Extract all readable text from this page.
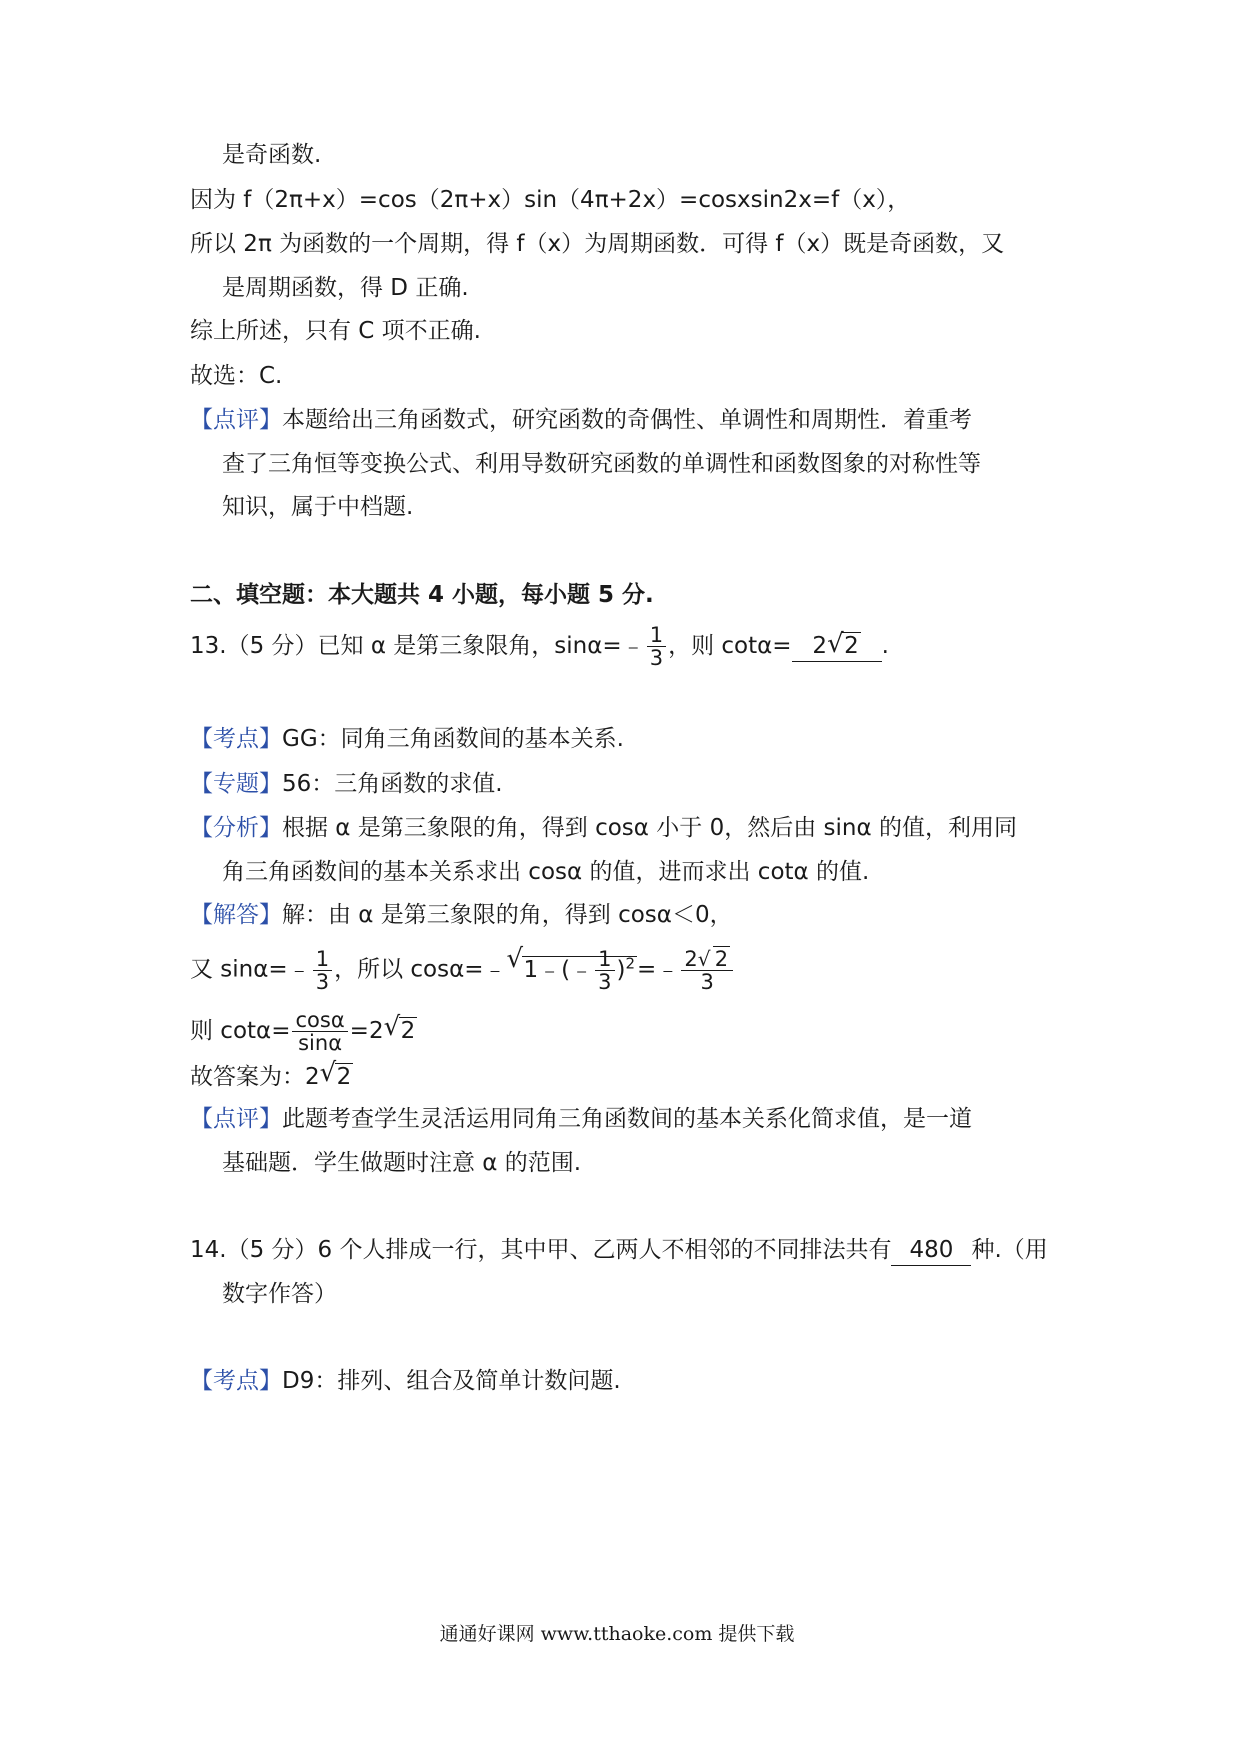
是奇函数.
因为 f（2π+x）=cos（2π+x）sin（4π+2x）=cosxsin2x=f（x），
所以 2π 为函数的一个周期，得 f（x）为周期函数．可得 f（x）既是奇函数，又
是周期函数，得 D 正确.
综上所述，只有 C 项不正确.
故选：C.
【点评】本题给出三角函数式，研究函数的奇偶性、单调性和周期性．着重考
查了三角恒等变换公式、利用导数研究函数的单调性和函数图象的对称性等
知识，属于中档题.
二、填空题：本大题共 4 小题，每小题 5 分.
13.（5 分）已知 α 是第三象限角，sinα=﹣ $\frac{1}{3}$ ，则 cotα= 2 √ 2 .
【考点】GG：同角三角函数间的基本关系.
【专题】56：三角函数的求值.
【分析】根据 α 是第三象限的角，得到 cosα 小于 0，然后由 sinα 的值，利用同
角三角函数间的基本关系求出 cosα 的值，进而求出 cotα 的值.
【解答】解：由 α 是第三象限的角，得到 cosα＜0，
又 sinα=﹣ $\frac{1}{3}$ ，所以 cosα=﹣ √ 1﹣(﹣ $\frac{1}{3}$ )$^2$=﹣ $\frac{2 √ 2}{3}$
则 $\cot\alpha= \frac{\cos\alpha}{\sin\alpha} =2$ √ 2
故答案为：2 √ 2
【点评】此题考查学生灵活运用同角三角函数间的基本关系化简求值，是一道
基础题．学生做题时注意 α 的范围.
14.（5 分）6 个人排成一行，其中甲、乙两人不相邻的不同排法共有 480 种.（用
数字作答）
【考点】D9：排列、组合及简单计数问题.
通通好课网 www.tthaoke.com 提供下载
